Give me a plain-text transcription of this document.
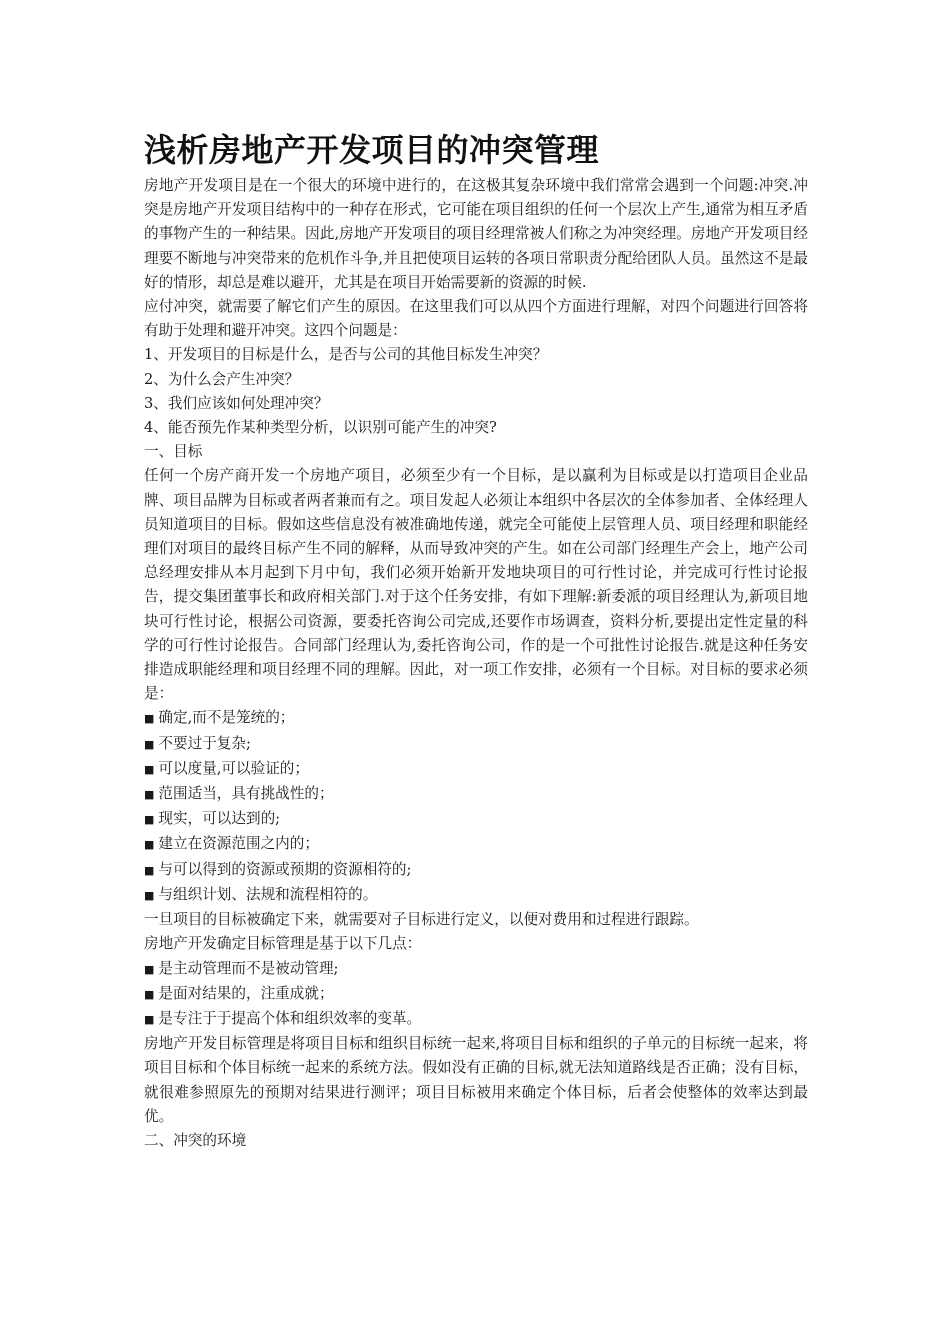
浅析房地产开发项目的冲突管理

房地产开发项目是在一个很大的环境中进行的，在这极其复杂环境中我们常常会遇到一个问题:冲突.冲突是房地产开发项目结构中的一种存在形式，它可能在项目组织的任何一个层次上产生,通常为相互矛盾的事物产生的一种结果。因此,房地产开发项目的项目经理常被人们称之为冲突经理。房地产开发项目经理要不断地与冲突带来的危机作斗争,并且把使项目运转的各项日常职责分配给团队人员。虽然这不是最好的情形，却总是难以避开，尤其是在项目开始需要新的资源的时候.

应付冲突，就需要了解它们产生的原因。在这里我们可以从四个方面进行理解，对四个问题进行回答将有助于处理和避开冲突。这四个问题是：

1、开发项目的目标是什么，是否与公司的其他目标发生冲突？

2、为什么会产生冲突？

3、我们应该如何处理冲突？

4、能否预先作某种类型分析，以识别可能产生的冲突?

一、目标

任何一个房产商开发一个房地产项目，必须至少有一个目标，是以赢利为目标或是以打造项目企业品牌、项目品牌为目标或者两者兼而有之。项目发起人必须让本组织中各层次的全体参加者、全体经理人员知道项目的目标。假如这些信息没有被准确地传递，就完全可能使上层管理人员、项目经理和职能经理们对项目的最终目标产生不同的解释，从而导致冲突的产生。如在公司部门经理生产会上，地产公司总经理安排从本月起到下月中旬，我们必须开始新开发地块项目的可行性讨论，并完成可行性讨论报告，提交集团董事长和政府相关部门.对于这个任务安排，有如下理解:新委派的项目经理认为,新项目地块可行性讨论，根据公司资源，要委托咨询公司完成,还要作市场调查，资料分析,要提出定性定量的科学的可行性讨论报告。合同部门经理认为,委托咨询公司，作的是一个可批性讨论报告.就是这种任务安排造成职能经理和项目经理不同的理解。因此，对一项工作安排，必须有一个目标。对目标的要求必须是：

■ 确定,而不是笼统的；

■ 不要过于复杂;

■ 可以度量,可以验证的；

■ 范围适当，具有挑战性的；

■ 现实，可以达到的;

■ 建立在资源范围之内的；

■ 与可以得到的资源或预期的资源相符的;

■ 与组织计划、法规和流程相符的。

一旦项目的目标被确定下来，就需要对子目标进行定义，以便对费用和过程进行跟踪。

房地产开发确定目标管理是基于以下几点：

■ 是主动管理而不是被动管理;

■ 是面对结果的，注重成就；

■ 是专注于于提高个体和组织效率的变革。

房地产开发目标管理是将项目目标和组织目标统一起来,将项目目标和组织的子单元的目标统一起来，将项目目标和个体目标统一起来的系统方法。假如没有正确的目标,就无法知道路线是否正确；没有目标，就很难参照原先的预期对结果进行测评；项目目标被用来确定个体目标，后者会使整体的效率达到最优。

二、冲突的环境
